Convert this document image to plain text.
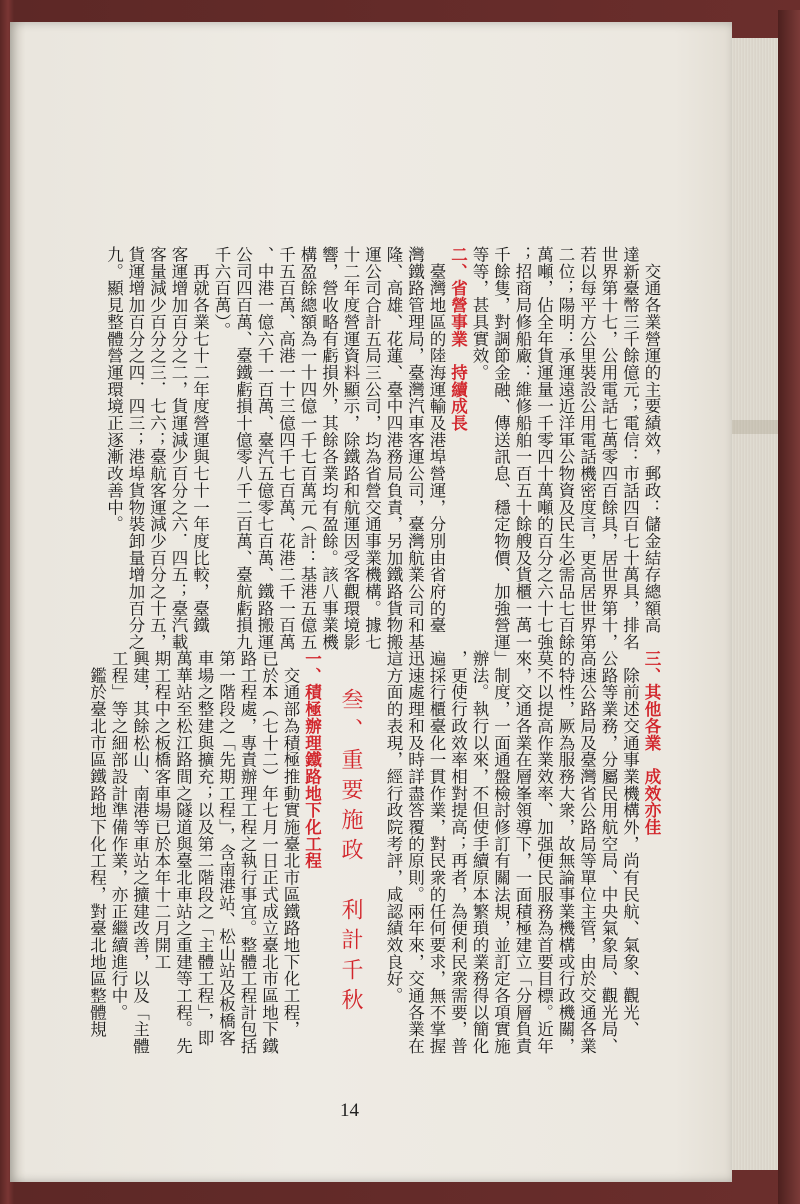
　交通各業營運的主要績效，郵政：儲金結存總額高
達新臺幣三千餘億元；電信：市話四百七十萬具，排名
世界第十七，公用電話七萬零四百餘具，居世界第十，
若以每平方公里裝設公用電話機密度言，更高居世界第
二位；陽明：承運遠近洋軍公物資及民生必需品七百餘
萬噸，佔全年貨運量一千零四十萬噸的百分之六十七強
；招商局修船廠：維修船舶一百五十餘艘及貨櫃一萬一
千餘隻，對調節金融、傳送訊息、穩定物價、加強營運
等等，甚具實效。
二、省營事業　持續成長
　臺灣地區的陸海運輸及港埠營運，分別由省府的臺
灣鐵路管理局，臺灣汽車客運公司，臺灣航業公司和基
隆、高雄、花蓮、臺中四港務局負責，另加鐵路貨物搬
運公司合計五局三公司，均為省營交通事業機構。據七
十二年度營運資料顯示，除鐵路和航運因受客觀環境影
響，營收略有虧損外，其餘各業均有盈餘。該八事業機
構盈餘總額為一十四億一千七百萬元（計：基港五億五
千五百萬、高港一十三億四千七百萬、花港二千一百萬
、中港一億六千一百萬、臺汽五億零七百萬、鐵路搬運
公司四百萬、臺鐵虧損十億零八千二百萬、臺航虧損九
千六百萬）。
　再就各業七十二年度營運與七十一年度比較，臺鐵
客運增加百分之二，貨運減少百分之六．四五；臺汽載
客量減少百分之三．七六；臺航客運減少百分之十五，
貨運增加百分之四．四三；港埠貨物裝卸量增加百分之
九。顯見整體營運環境正逐漸改善中。
三、其他各業　成效亦佳
　除前述交通事業機構外，尚有民航、氣象、觀光、
公路等業務，分屬民用航空局、中央氣象局、觀光局、
高速公路局及臺灣省公路局等單位主管，由於交通各業
的特性，厥為服務大衆，故無論事業機構或行政機關，
莫不以提高作業效率、加强便民服務為首要目標。近年
來，交通各業在層峯領導下，一面積極建立「分層負責
」制度，一面通盤檢討修訂有關法規，並訂定各項實施
辦法。執行以來，不但使手續原本繁瑣的業務得以簡化
，更使行政效率相對提高；再者，為便利民衆需要，普
遍採行櫃臺化一貫作業，對民衆的任何要求，無不掌握
迅速處理和及時詳盡答覆的原則。兩年來，交通各業在
這方面的表現，經行政院考評，咸認績效良好。
一、積極辦理鐵路地下化工程
　交通部為積極推動實施臺北市區鐵路地下化工程，
已於本（七十二）年七月一日正式成立臺北市區地下鐵
路工程處，專責辦理工程之執行事宜。整體工程計包括
第一階段之「先期工程」，含南港站、松山站及板橋客
車場之整建與擴充；以及第二階段之「主體工程」，即
萬華站至松江路間之隧道與臺北車站之重建等工程。先
期工程中之板橋客車場已於本年十二月開工
興建，其餘松山、南港等車站之擴建改善，以及「主體
工程」等之細部設計準備作業，亦正繼續進行中。
　鑑於臺北市區鐵路地下化工程，對臺北地區整體規	叁、重要施政　利計千秋
14
